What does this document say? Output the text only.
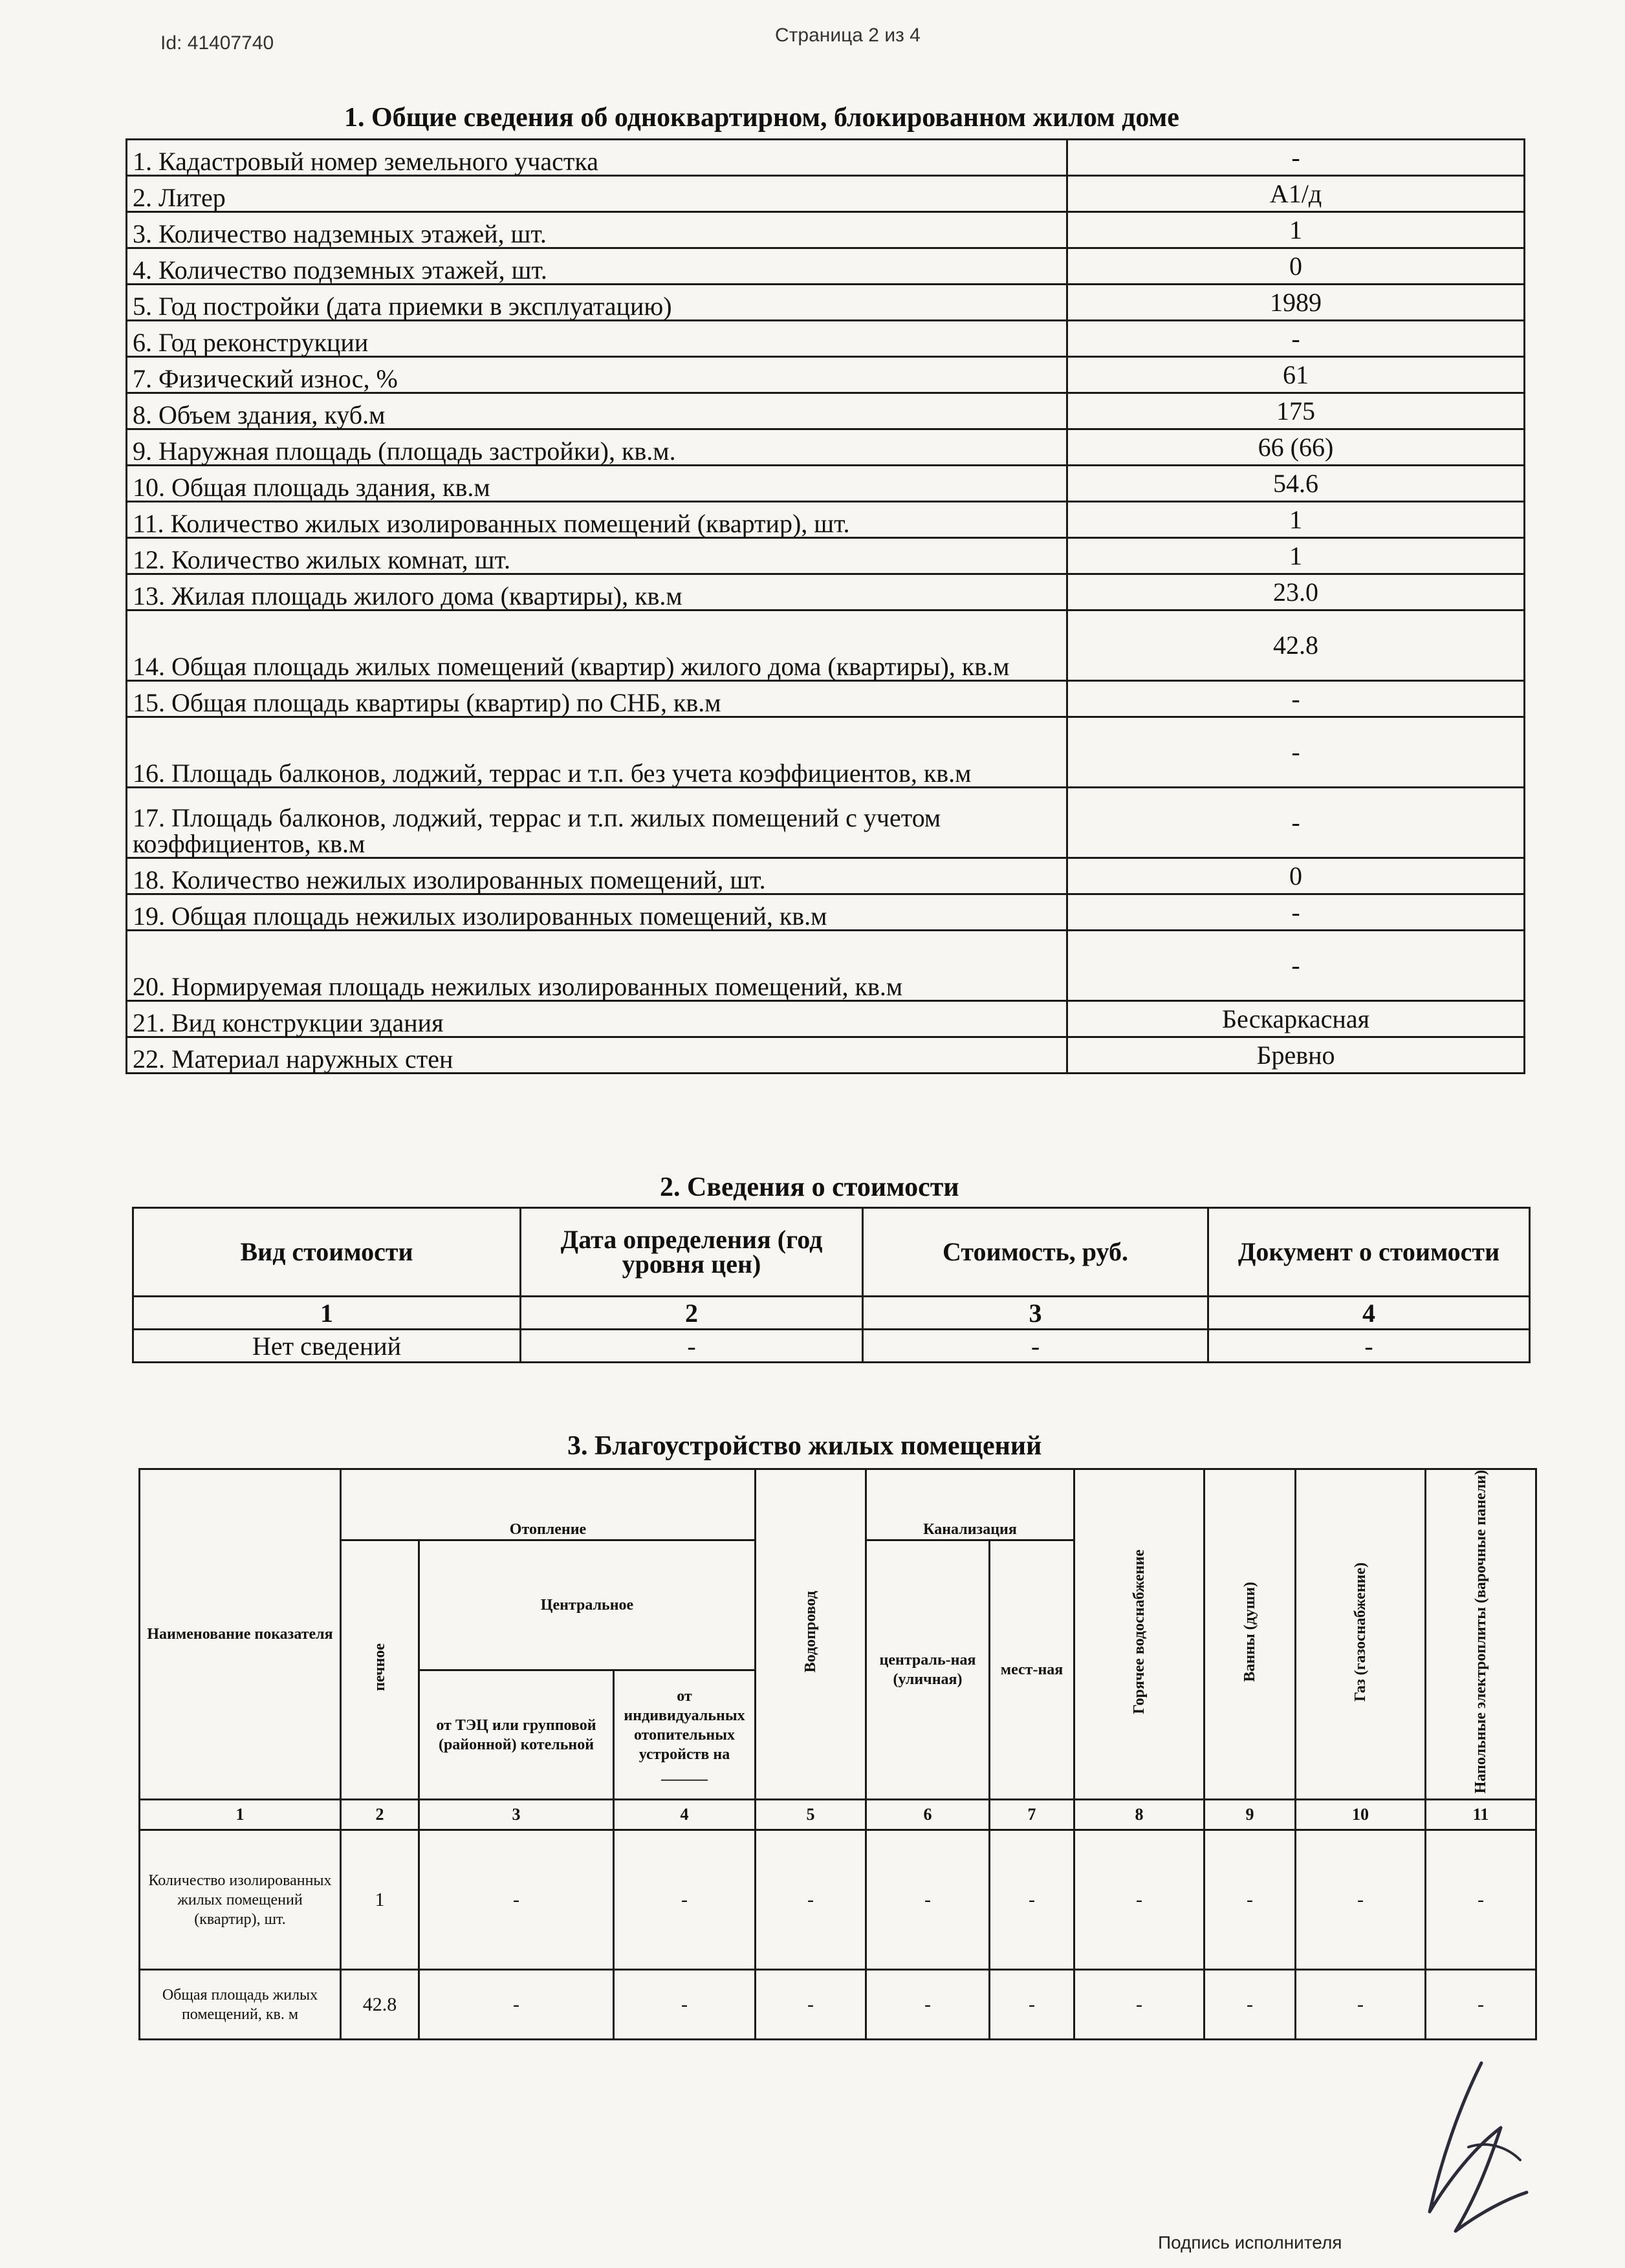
Id: 41407740	Страница 2 из 4
1. Общие сведения об одноквартирном, блокированном жилом доме
1. Кадастровый номер земельного участка	-
2. Литер	А1/д
3. Количество надземных этажей, шт.	1
4. Количество подземных этажей, шт.	0
5. Год постройки (дата приемки в эксплуатацию)	1989
6. Год реконструкции	-
7. Физический износ, %	61
8. Объем здания, куб.м	175
9. Наружная площадь (площадь застройки), кв.м.	66 (66)
10. Общая площадь здания, кв.м	54.6
11. Количество жилых изолированных помещений (квартир), шт.	1
12. Количество жилых комнат, шт.	1
13. Жилая площадь жилого дома (квартиры), кв.м	23.0
14. Общая площадь жилых помещений (квартир) жилого дома (квартиры), кв.м	42.8
15. Общая площадь квартиры (квартир) по СНБ, кв.м	-
16. Площадь балконов, лоджий, террас и т.п. без учета коэффициентов, кв.м	-
17. Площадь балконов, лоджий, террас и т.п. жилых помещений с учетом коэффициентов, кв.м	-
18. Количество нежилых изолированных помещений, шт.	0
19. Общая площадь нежилых изолированных помещений, кв.м	-
20. Нормируемая площадь нежилых изолированных помещений, кв.м	-
21. Вид конструкции здания	Бескаркасная
22. Материал наружных стен	Бревно
2. Сведения о стоимости
Вид стоимости	Дата определения (год уровня цен)	Стоимость, руб.	Документ о стоимости
1	2	3	4
Нет сведений	-	-	-
3. Благоустройство жилых помещений
Наименование показателя	Отопление			Водопровод	Канализация		Горячее водоснабжение	Ванны (души)	Газ (газоснабжение)	Напольные электроплиты (варочные панели)
	печное	Центральное			централь-ная (уличная)	мест-ная				

		от ТЭЦ или групповой (районной) котельной	от индивидуальных отопительных устройств на ______							
1	2	3	4	5	6	7	8	9	10	11
Количество изолированных жилых помещений (квартир), шт.	1	-	-	-	-	-	-	-	-	-
Общая площадь жилых помещений, кв. м	42.8	-	-	-	-	-	-	-	-	-
Подпись исполнителя
